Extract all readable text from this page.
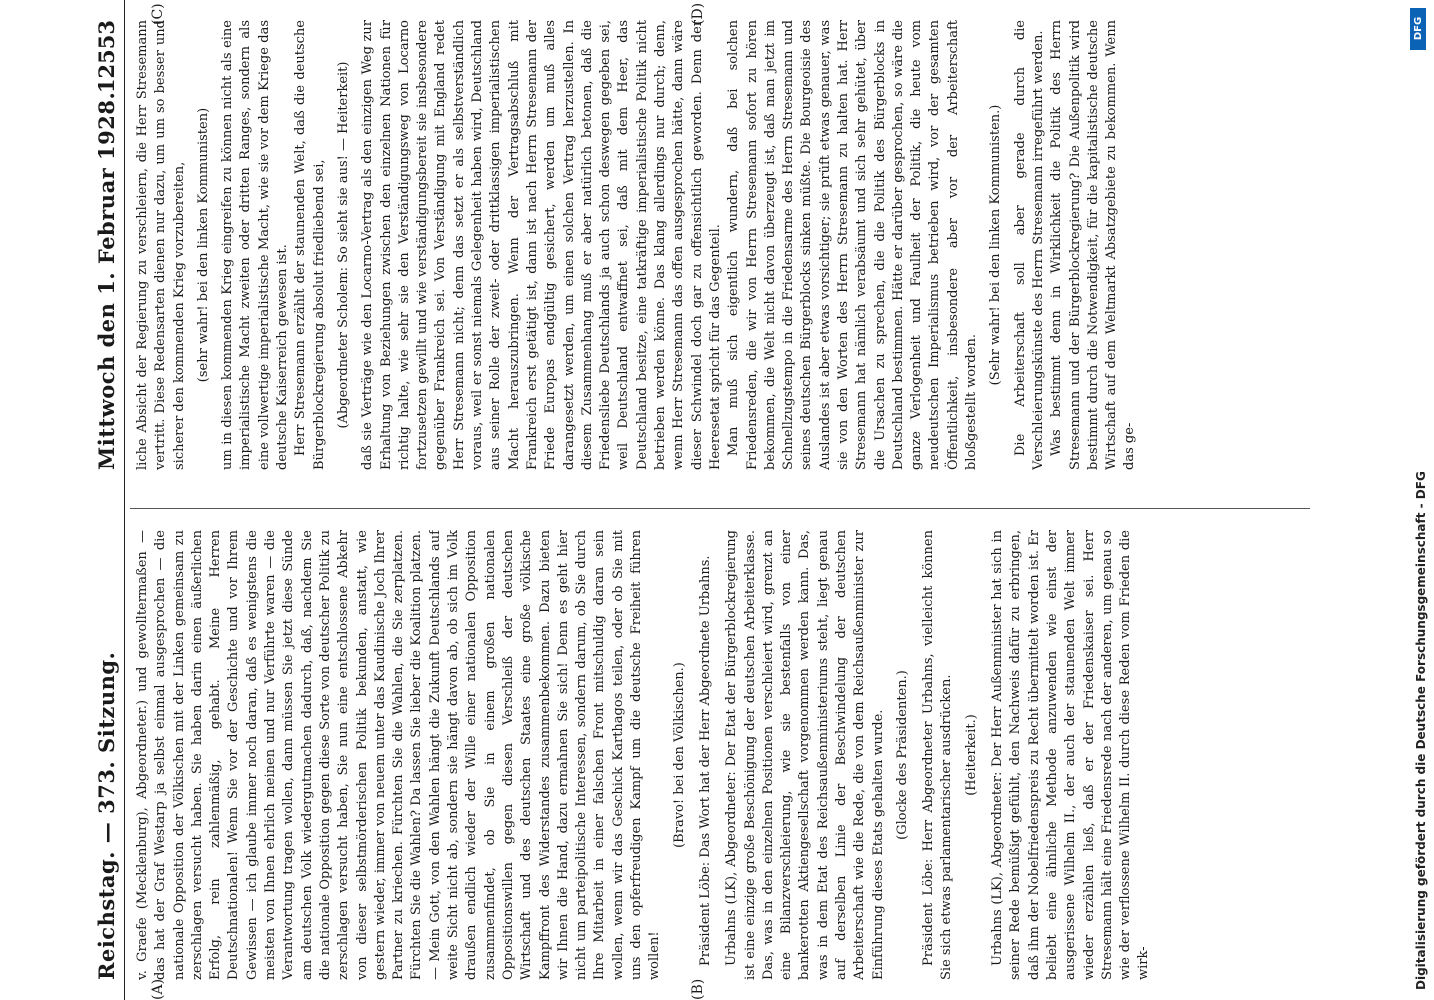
Reichstag. — 373. Sitzung.
Mittwoch den 1. Februar 1928.
12553
(A)	(B)
(C)	(D)

v. Graefe (Mecklenburg), Abgeordneter.) und gewolltermaßen — das hat der Graf Westarp ja selbst einmal ausgesprochen — die nationale Opposition der Völkischen mit der Linken gemeinsam zu zerschlagen versucht haben. Sie haben darin einen äußerlichen Erfolg, rein zahlenmäßig, gehabt. Meine Herren Deutschnationalen! Wenn Sie vor der Geschichte und vor Ihrem Gewissen — ich glaube immer noch daran, daß es wenigstens die meisten von Ihnen ehrlich meinen und nur Verführte waren — die Verantwortung tragen wollen, dann müssen Sie jetzt diese Sünde am deutschen Volk wiedergutmachen dadurch, daß, nachdem Sie die nationale Opposition gegen diese Sorte von deutscher Politik zu zerschlagen versucht haben, Sie nun eine entschlossene Abkehr von dieser selbstmörderischen Politik bekunden, anstatt, wie gestern wieder, immer von neuem unter das Kaudinische Joch Ihrer Partner zu kriechen. Fürchten Sie die Wahlen, die Sie zerplatzen. Fürchten Sie die Wahlen? Da lassen Sie lieber die Koalition platzen. — Mein Gott, von den Wahlen hängt die Zukunft Deutschlands auf weite Sicht nicht ab, sondern sie hängt davon ab, ob sich im Volk draußen endlich wieder der Wille einer nationalen Opposition zusammenfindet, ob Sie in einem großen nationalen Oppositionswillen gegen diesen Verschleiß der deutschen Wirtschaft und des deutschen Staates eine große völkische Kampffront des Widerstandes zusammenbekommen. Dazu bieten wir Ihnen die Hand, dazu ermahnen Sie sich! Denn es geht hier nicht um parteipolitische Interessen, sondern darum, ob Sie durch Ihre Mitarbeit in einer falschen Front mitschuldig daran sein wollen, wenn wir das Geschick Karthagos teilen, oder ob Sie mit uns den opferfreudigen Kampf um die deutsche Freiheit führen wollen!

(Bravo! bei den Völkischen.) Präsident Löbe: Das Wort hat der Herr Abgeordnete Urbahns. Urbahns (LK), Abgeordneter: Der Etat der Bürgerblockregierung ist eine einzige große Beschönigung der deutschen Arbeiterklasse. Das, was in den einzelnen Positionen verschleiert wird, grenzt an eine Bilanzverschleierung, wie sie bestenfalls von einer bankerotten Aktiengesellschaft vorgenommen werden kann. Das, was in dem Etat des Reichsaußenministeriums steht, liegt genau auf derselben Linie der Beschwindelung der deutschen Arbeiterschaft wie die Rede, die von dem Reichsaußenminister zur Einführung dieses Etats gehalten wurde. (Glocke des Präsidenten.) Präsident Löbe: Herr Abgeordneter Urbahns, vielleicht können Sie sich etwas parlamentarischer ausdrücken. (Heiterkeit.) Urbahns (LK), Abgeordneter: Der Herr Außenminister hat sich in seiner Rede bemüßigt gefühlt, den Nachweis dafür zu erbringen, daß ihm der Nobelfriedenspreis zu Recht übermittelt worden ist. Er beliebt eine ähnliche Methode anzuwenden wie einst der ausgerissene Wilhelm II., der auch der staunenden Welt immer wieder erzählen ließ, daß er der Friedenskaiser sei. Herr Stresemann hält eine Friedensrede nach der anderen, um genau so wie der verflossene Wilhelm II. durch diese Reden vom Frieden die wirk-

liche Absicht der Regierung zu verschleiern, die Herr Stresemann vertritt. Diese Redensarten dienen nur dazu, um um so besser und sicherer den kommenden Krieg vorzubereiten, (sehr wahr! bei den linken Kommunisten) um in diesen kommenden Krieg eingreifen zu können nicht als eine imperialistische Macht zweiten oder dritten Ranges, sondern als eine vollwertige imperialistische Macht, wie sie vor dem Kriege das deutsche Kaiserreich gewesen ist. Herr Stresemann erzählt der staunenden Welt, daß die deutsche Bürgerblockregierung absolut friedliebend sei, (Abgeordneter Scholem: So sieht sie aus! — Heiterkeit) daß sie Verträge wie den Locarno-Vertrag als den einzigen Weg zur Erhaltung von Beziehungen zwischen den einzelnen Nationen für richtig halte, wie sehr sie den Verständigungsweg von Locarno fortzusetzen gewillt und wie verständigungsbereit sie insbesondere gegenüber Frankreich sei. Von Verständigung mit England redet Herr Stresemann nicht; denn das setzt er als selbstverständlich voraus, weil er sonst niemals Gelegenheit haben wird, Deutschland aus seiner Rolle der zweit- oder drittklassigen imperialistischen Macht herauszubringen. Wenn der Vertragsabschluß mit Frankreich erst getätigt ist, dann ist nach Herrn Stresemann der Friede Europas endgültig gesichert, werden um muß alles darangesetzt werden, um einen solchen Vertrag herzustellen. In diesem Zusammenhang muß er aber natürlich betonen, daß die Friedensliebe Deutschlands ja auch schon deswegen gegeben sei, weil Deutschland entwaffnet sei, daß mit dem Heer, das Deutschland besitze, eine tatkräftige imperialistische Politik nicht betrieben werden könne. Das klang allerdings nur durch; denn, wenn Herr Stresemann das offen ausgesprochen hätte, dann wäre dieser Schwindel doch gar zu offensichtlich geworden. Denn der Heeresetat spricht für das Gegenteil. Man muß sich eigentlich wundern, daß bei solchen Friedensreden, die wir von Herrn Stresemann sofort zu hören bekommen, die Welt nicht davon überzeugt ist, daß man jetzt im Schnellzugstempo in die Friedensarme des Herrn Stresemann und seines deutschen Bürgerblocks sinken müßte. Die Bourgeoisie des Auslandes ist aber etwas vorsichtiger; sie prüft etwas genauer, was sie von den Worten des Herrn Stresemann zu halten hat. Herr Stresemann hat nämlich verabsäumt und sich sehr gehütet, über die Ursachen zu sprechen, die die Politik des Bürgerblocks in Deutschland bestimmen. Hätte er darüber gesprochen, so wäre die ganze Verlogenheit und Faulheit der Politik, die heute vom neudeutschen Imperialismus betrieben wird, vor der gesamten Öffentlichkeit, insbesondere aber vor der Arbeiterschaft bloßgestellt worden.

(Sehr wahr! bei den linken Kommunisten.) Die Arbeiterschaft soll aber gerade durch die Verschleierungskünste des Herrn Stresemann irregeführt werden. Was bestimmt denn in Wirklichkeit die Politik des Herrn Stresemann und der Bürgerblockregierung? Die Außenpolitik wird bestimmt durch die Notwendigkeit, für die kapitalistische deutsche Wirtschaft auf dem Weltmarkt Absatzgebiete zu bekommen. Wenn das ge-

DFG
Digitalisierung gefördert durch die Deutsche Forschungsgemeinschaft - DFG
